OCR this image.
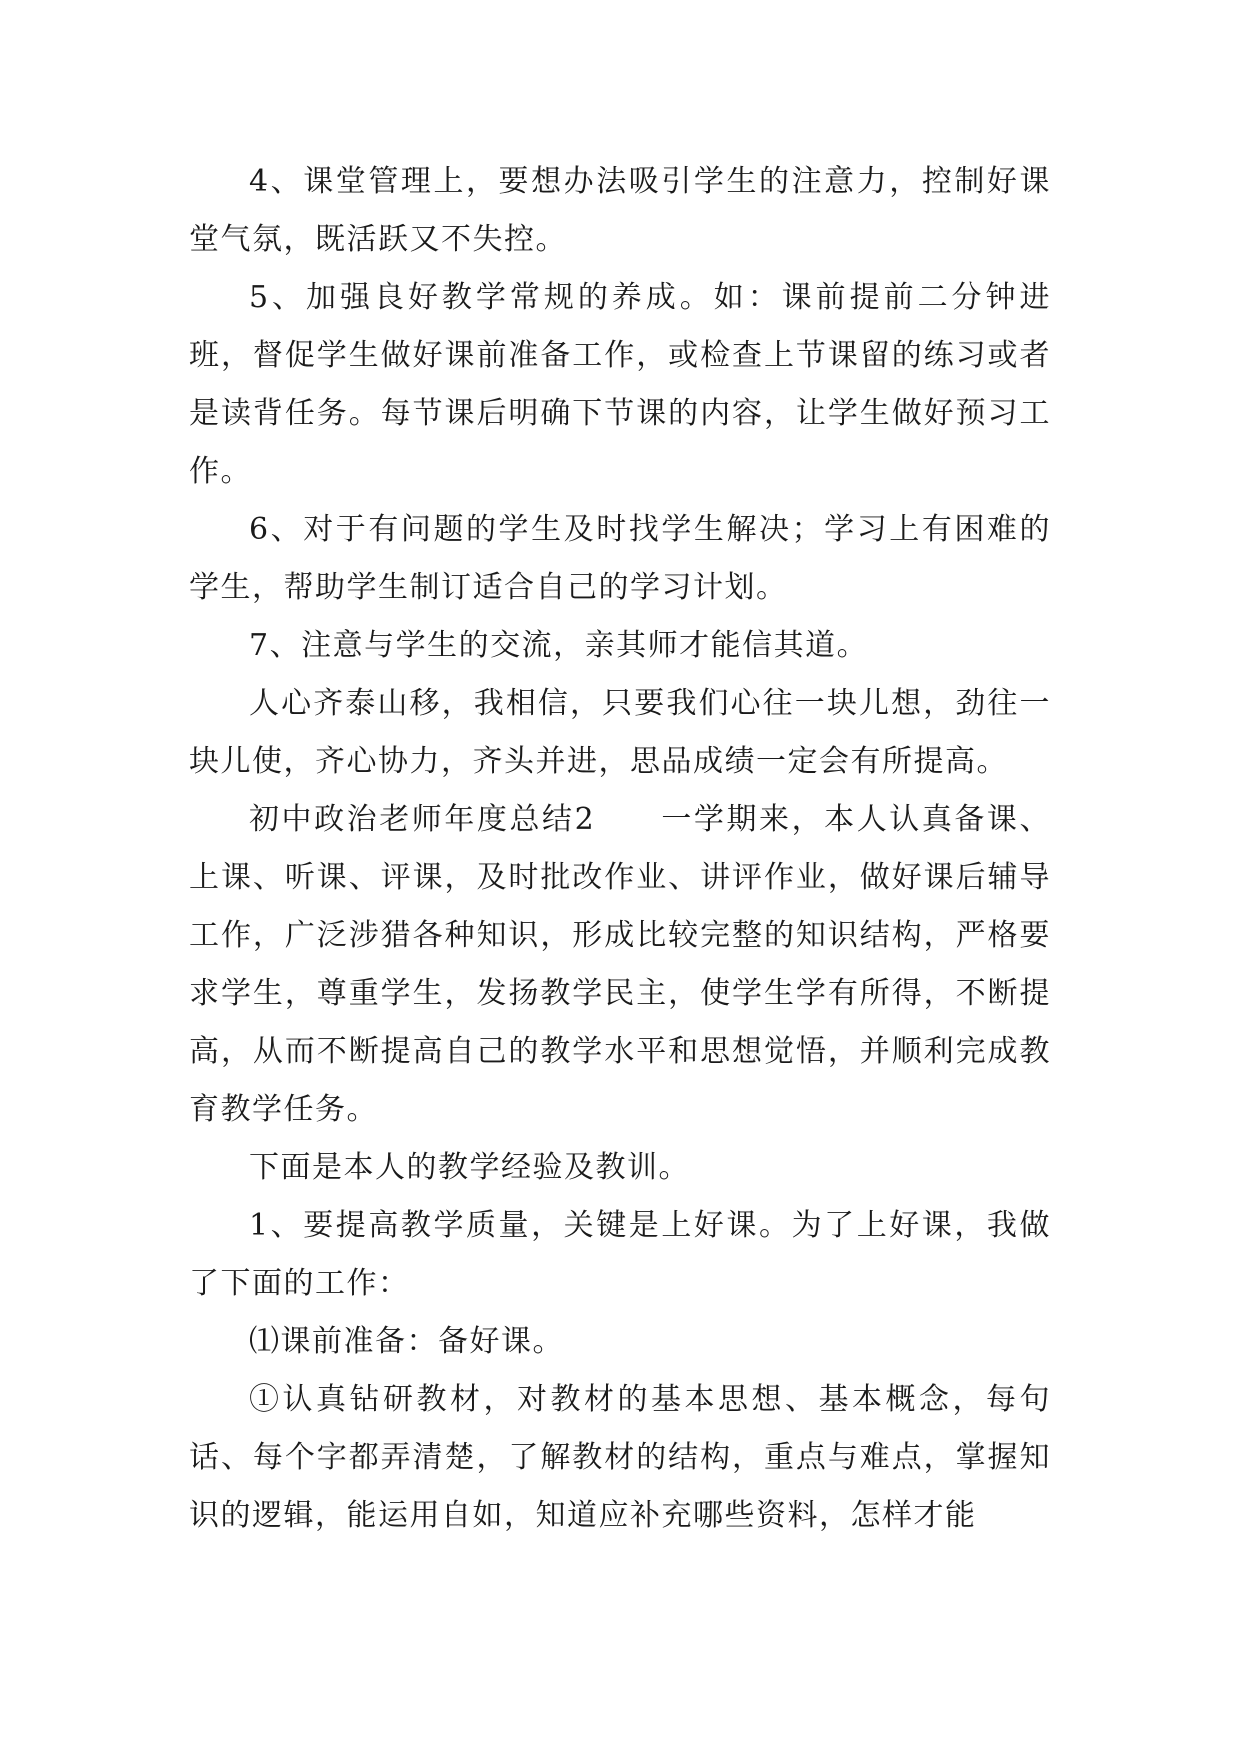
4、课堂管理上，要想办法吸引学生的注意力，控制好课堂气氛，既活跃又不失控。

5、加强良好教学常规的养成。如：课前提前二分钟进班，督促学生做好课前准备工作，或检查上节课留的练习或者是读背任务。每节课后明确下节课的内容，让学生做好预习工作。

6、对于有问题的学生及时找学生解决；学习上有困难的学生，帮助学生制订适合自己的学习计划。

7、注意与学生的交流，亲其师才能信其道。

人心齐泰山移，我相信，只要我们心往一块儿想，劲往一块儿使，齐心协力，齐头并进，思品成绩一定会有所提高。

初中政治老师年度总结2　　一学期来，本人认真备课、上课、听课、评课，及时批改作业、讲评作业，做好课后辅导工作，广泛涉猎各种知识，形成比较完整的知识结构，严格要求学生，尊重学生，发扬教学民主，使学生学有所得，不断提高，从而不断提高自己的教学水平和思想觉悟，并顺利完成教育教学任务。

下面是本人的教学经验及教训。

1、要提高教学质量，关键是上好课。为了上好课，我做了下面的工作：

⑴课前准备：备好课。

①认真钻研教材，对教材的基本思想、基本概念，每句话、每个字都弄清楚，了解教材的结构，重点与难点，掌握知识的逻辑，能运用自如，知道应补充哪些资料，怎样才能
